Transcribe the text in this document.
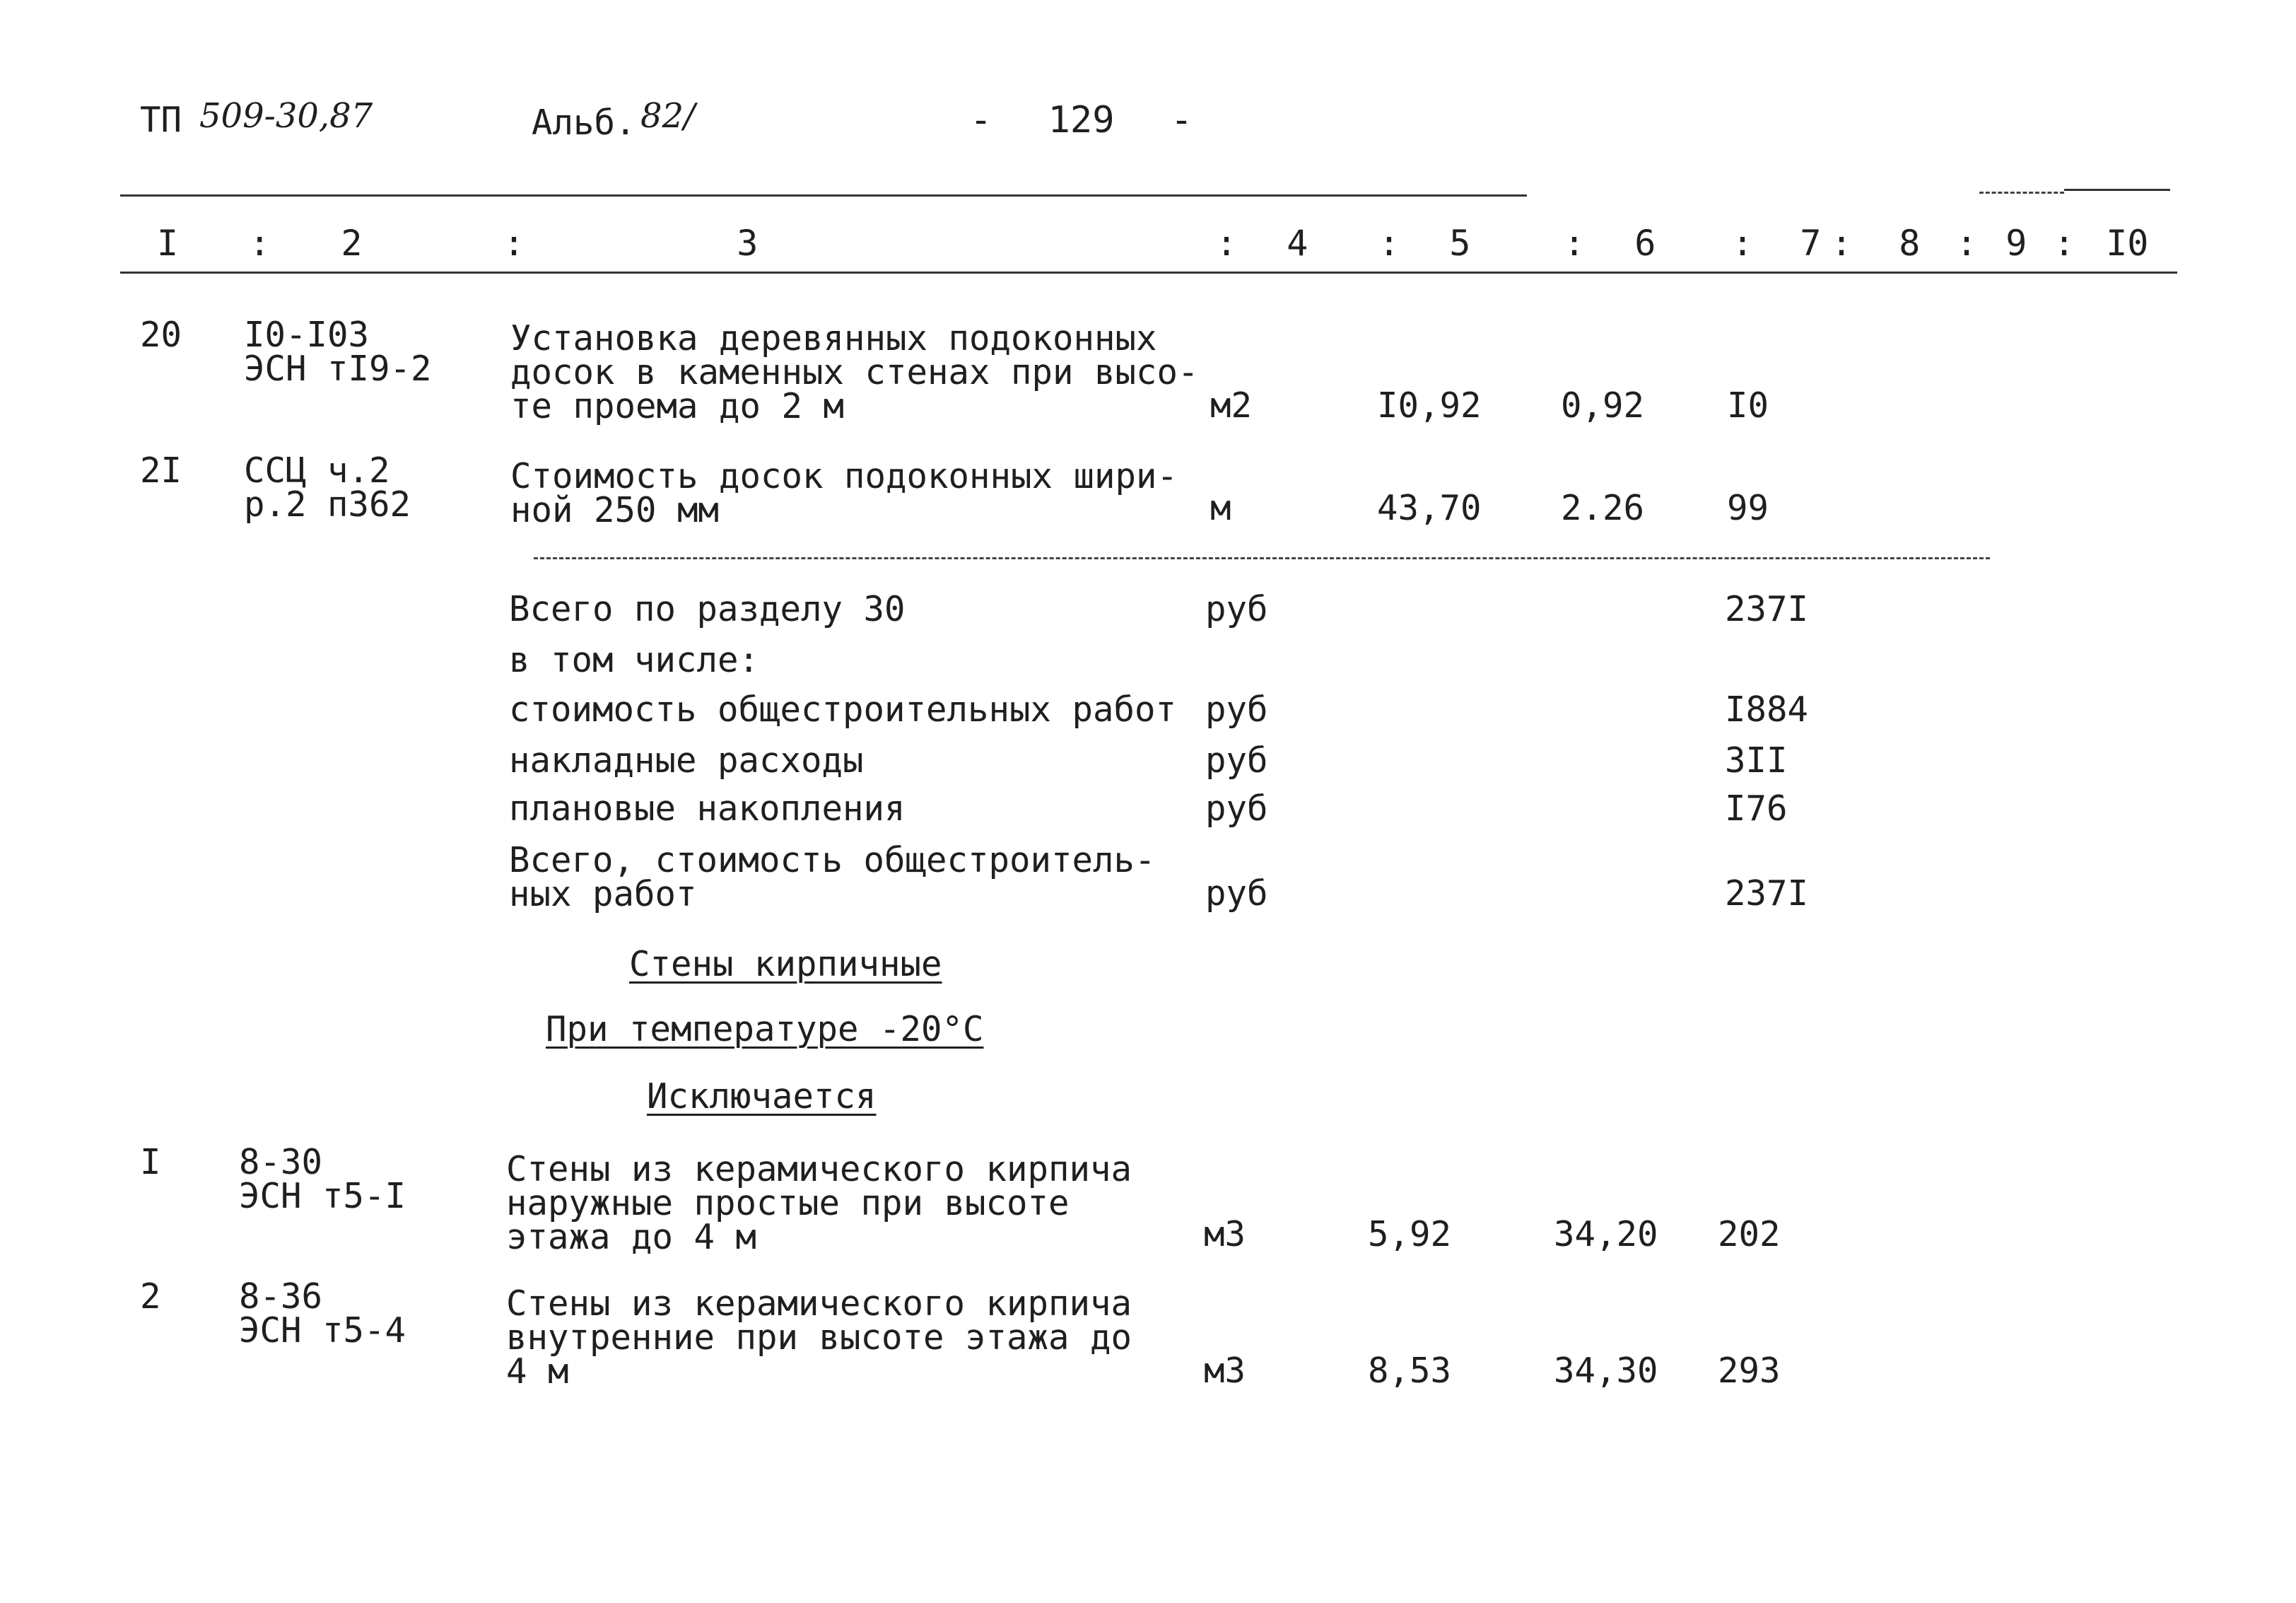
ТП 509-30,87	Альб. 82/	- 129 -
I : 2	: 3	: 4 : 5	: 6 : 7 : 8 : 9 : I0
20 I0-I03
ЭСН тI9-2
Установка деревянных подоконных
досок в каменных стенах при высо-
те проема до 2 м	м2	I0,92 0,92 I0
2I ССЦ ч.2
р.2 п362
Стоимость досок подоконных шири-
ной 250 мм	м	43,70 2.26 99
Всего по разделу 30	руб	237I
в том числе:
стоимость общестроительных работ руб	I884
накладные расходы	руб	3II
плановые накопления	руб	I76
Всего, стоимость общестроитель-
ных работ	руб	237I
Стены кирпичные
При температуре -20°С
Исключается
I 8-30
ЭСН т5-I
Стены из керамического кирпича
наружные простые при высоте
этажа до 4 м	м3	5,92	34,20 202
2 8-36
ЭСН т5-4
Стены из керамического кирпича
внутренние при высоте этажа до
4 м	м3	8,53	34,30 293
